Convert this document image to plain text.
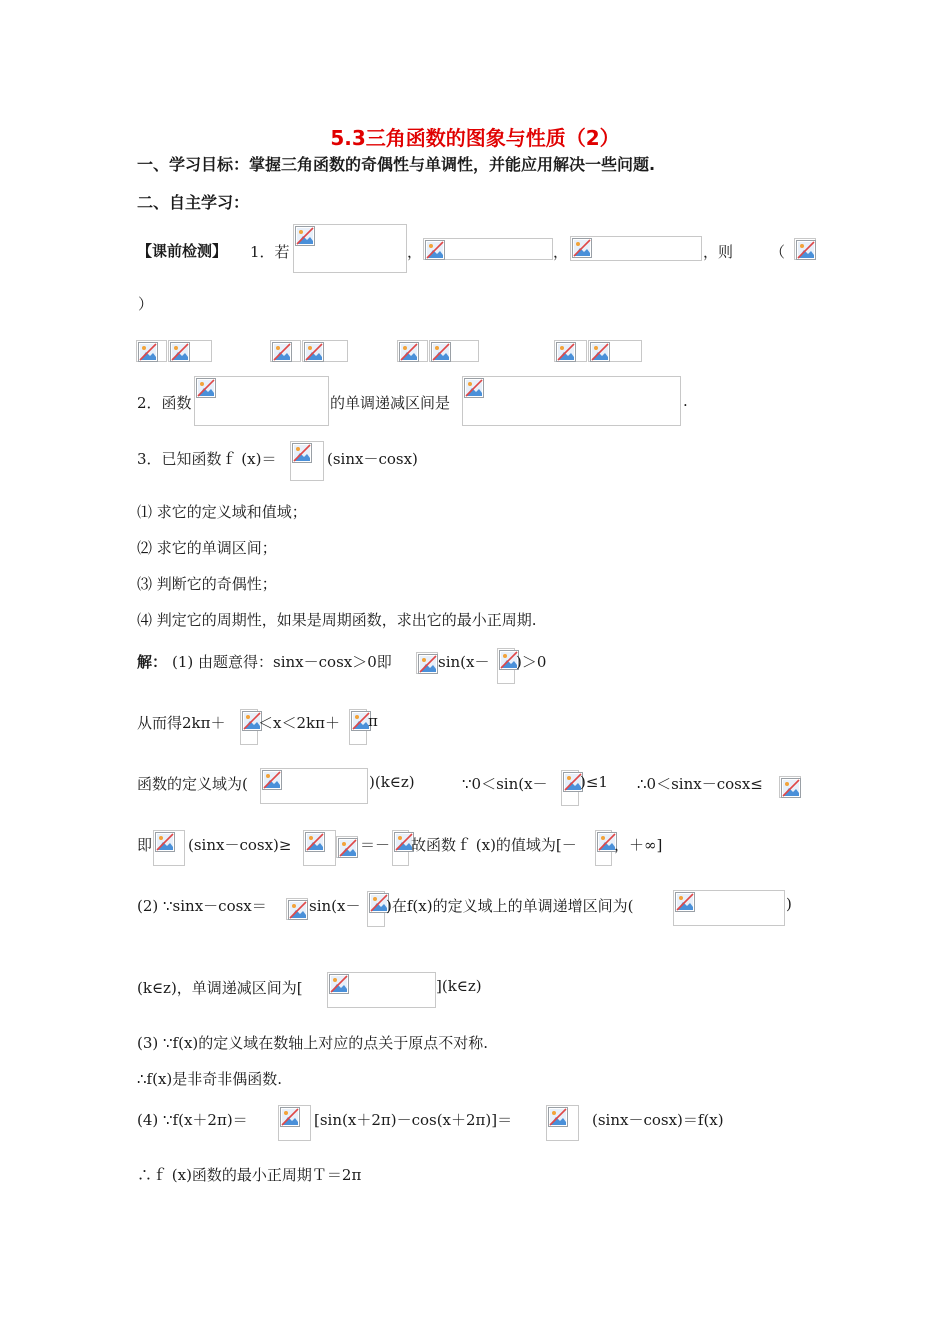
5.3三角函数的图象与性质（2）
一、学习目标：掌握三角函数的奇偶性与单调性，并能应用解决一些问题.
二、自主学习：
【课前检测】 1．若	，	，	，则 （
）
2．函数	的单调递减区间是	.
3．已知函数ｆ (x)＝	(sinx－cosx)
⑴ 求它的定义域和值域；
⑵ 求它的单调区间；
⑶ 判断它的奇偶性；
⑷ 判定它的周期性，如果是周期函数，求出它的最小正周期.
解： (1) 由题意得：sinx－cosx＞0即	sin(x－ )＞0
从而得2kπ＋ ＜x＜2kπ＋ π
函数的定义域为(	)(k∈z)	∵0＜sin(x－ )≤1 ∴0＜sinx－cosx≤
即 (sinx－cosx)≥	＝－ 故函数ｆ (x)的值域为[－ ，＋∞]
(2) ∵sinx－cosx＝	sin(x－ )在f(x)的定义域上的单调递增区间为(	)
(k∈z)，单调递减区间为[	](k∈z)
(3) ∵f(x)的定义域在数轴上对应的点关于原点不对称.
∴f(x)是非奇非偶函数.
(4) ∵f(x＋2π)＝	[sin(x＋2π)－cos(x＋2π)]＝	(sinx－cosx)＝f(x)
∴ｆ (x)函数的最小正周期Ｔ＝2π
